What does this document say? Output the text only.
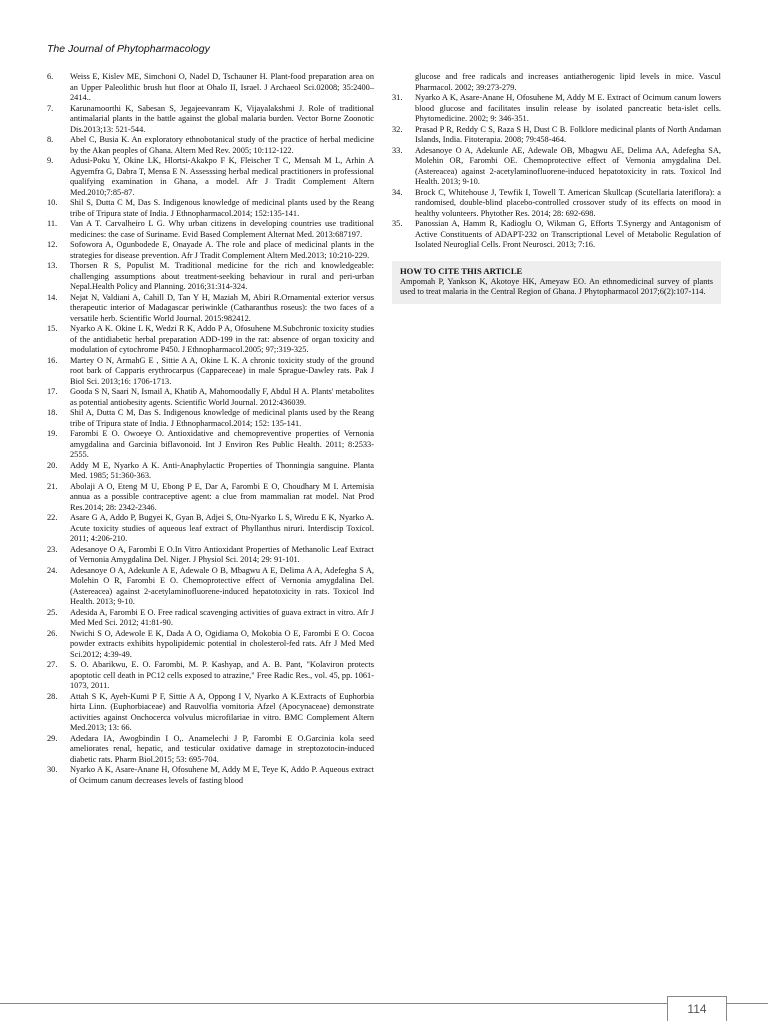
The Journal of Phytopharmacology
6.	Weiss E, Kislev ME, Simchoni O, Nadel D, Tschauner H. Plant-food preparation area on an Upper Paleolithic brush hut floor at Ohalo II, Israel. J Archaeol Sci.02008; 35:2400–2414..
7.	Karunamoorthi K, Sabesan S, Jegajeevanram K, Vijayalakshmi J. Role of traditional antimalarial plants in the battle against the global malaria burden. Vector Borne Zoonotic Dis.2013;13: 521-544.
8.	Abel C, Busia K. An exploratory ethnobotanical study of the practice of herbal medicine by the Akan peoples of Ghana. Altern Med Rev. 2005; 10:112-122.
9.	Adusi-Poku Y, Okine LK, Hlortsi-Akakpo F K, Fleischer T C, Mensah M L, Arhin A Agyemfra G, Dabra T, Mensa E N. Assesssing herbal medical practitioners in professional qualifying examination in Ghana, a model. Afr J Tradit Complement Altern Med.2010;7:85-87.
10.	Shil S, Dutta C M, Das S. Indigenous knowledge of medicinal plants used by the Reang tribe of Tripura state of India. J Ethnopharmacol.2014; 152:135-141.
11.	Van A T. Carvalheiro L G. Why urban citizens in developing countries use traditional medicines: the case of Suriname. Evid Based Complement Alternat Med. 2013:687197.
12.	Sofowora A, Ogunbodede E, Onayade A. The role and place of medicinal plants in the strategies for disease prevention. Afr J Tradit Complement Altern Med.2013; 10:210-229.
13.	Thorsen R S, Populist M. Traditional medicine for the rich and knowledgeable: challenging assumptions about treatment-seeking behaviour in rural and peri-urban Nepal.Health Policy and Planning. 2016;31:314-324.
14.	Nejat N, Valdiani A, Cahill D, Tan Y H, Maziah M, Abiri R.Ornamental exterior versus therapeutic interior of Madagascar periwinkle (Catharanthus roseus): the two faces of a versatile herb. Scientific World Journal. 2015:982412.
15.	Nyarko A K. Okine L K, Wedzi R K, Addo P A, Ofosuhene M.Subchronic toxicity studies of the antidiabetic herbal preparation ADD-199 in the rat: absence of organ toxicity and modulation of cytochrome P450. J Ethnopharmacol.2005; 97;:319-325.
16.	Martey O N, ArmahG E , Sittie A A, Okine L K. A chronic toxicity study of the ground root bark of Capparis erythrocarpus (Cappareceae) in male Sprague-Dawley rats. Pak J Biol Sci. 2013;16: 1706-1713.
17.	Gooda S N, Saari N, Ismail A, Khatib A, Mahomoodally F, Abdul H A. Plants' metabolites as potential antiobesity agents. Scientific World Journal. 2012:436039.
18.	Shil A, Dutta C M, Das S. Indigenous knowledge of medicinal plants used by the Reang tribe of Tripura state of India. J Ethnopharmacol.2014; 152: 135-141.
19.	Farombi E O. Owoeye O. Antioxidative and chemopreventive properties of Vernonia amygdalina and Garcinia biflavonoid. Int J Environ Res Public Health. 2011; 8:2533-2555.
20.	Addy M E, Nyarko A K. Anti-Anaphylactic Properties of Thonningia sanguine. Planta Med. 1985; 51:360-363.
21.	Abolaji A O, Eteng M U, Ebong P E, Dar A, Farombi E O, Choudhary M I. Artemisia annua as a possible contraceptive agent: a clue from mammalian rat model. Nat Prod Res.2014; 28: 2342-2346.
22.	Asare G A, Addo P, Bugyei K, Gyan B, Adjei S, Otu-Nyarko L S, Wiredu E K, Nyarko A. Acute toxicity studies of aqueous leaf extract of Phyllanthus niruri. Interdiscip Toxicol. 2011; 4:206-210.
23.	Adesanoye O A, Farombi E O.In Vitro Antioxidant Properties of Methanolic Leaf Extract of Vernonia Amygdalina Del. Niger. J Physiol Sci. 2014; 29: 91-101.
24.	Adesanoye O A, Adekunle A E, Adewale O B, Mbagwu A E, Delima A A, Adefegha S A, Molehin O R, Farombi E O. Chemoprotective effect of Vernonia amygdalina Del. (Astereacea) against 2-acetylaminofluorene-induced hepatotoxicity in rats. Toxicol Ind Health. 2013; 9-10.
25.	Adesida A, Farombi E O. Free radical scavenging activities of guava extract in vitro. Afr J Med Med Sci. 2012; 41:81-90.
26.	Nwichi S O, Adewole E K, Dada A O, Ogidiama O, Mokobia O E, Farombi E O. Cocoa powder extracts exhibits hypolipidemic potential in cholesterol-fed rats. Afr J Med Med Sci.2012; 4:39-49.
27.	S. O. Abarikwu, E. O. Farombi, M. P. Kashyap, and A. B. Pant, "Kolaviron protects apoptotic cell death in PC12 cells exposed to atrazine," Free Radic Res., vol. 45, pp. 1061-1073, 2011.
28.	Attah S K, Ayeh-Kumi P F, Sittie A A, Oppong I V, Nyarko A K.Extracts of Euphorbia hirta Linn. (Euphorbiaceae) and Rauvolfia vomitoria Afzel (Apocynaceae) demonstrate activities against Onchocerca volvulus microfilariae in vitro. BMC Complement Altern Med.2013; 13: 66.
29.	Adedara IA, Awogbindin I O,. Anamelechi J P, Farombi E O.Garcinia kola seed ameliorates renal, hepatic, and testicular oxidative damage in streptozotocin-induced diabetic rats. Pharm Biol.2015; 53: 695-704.
30.	Nyarko A K, Asare-Anane H, Ofosuhene M, Addy M E, Teye K, Addo P. Aqueous extract of Ocimum canum decreases levels of fasting blood
glucose and free radicals and increases antiatherogenic lipid levels in mice. Vascul Pharmacol. 2002; 39:273-279.
31.	Nyarko A K, Asare-Anane H, Ofosuhene M, Addy M E. Extract of Ocimum canum lowers blood glucose and facilitates insulin release by isolated pancreatic beta-islet cells. Phytomedicine. 2002; 9: 346-351.
32.	Prasad P R, Reddy C S, Raza S H, Dust C B. Folklore medicinal plants of North Andaman Islands, India. Fitoterapia. 2008; 79:458-464.
33.	Adesanoye O A, Adekunle AE, Adewale OB, Mbagwu AE, Delima AA, Adefegha SA, Molehin OR, Farombi OE. Chemoprotective effect of Vernonia amygdalina Del. (Astereacea) against 2-acetylaminofluorene-induced hepatotoxicity in rats. Toxicol Ind Health. 2013; 9-10.
34.	Brock C, Whitehouse J, Tewfik I, Towell T. American Skullcap (Scutellaria lateriflora): a randomised, double-blind placebo-controlled crossover study of its effects on mood in healthy volunteers. Phytother Res. 2014; 28: 692-698.
35.	Panossian A, Hamm R, Kadioglu O, Wikman G, Efforts T.Synergy and Antagonism of Active Constituents of ADAPT-232 on Transcriptional Level of Metabolic Regulation of Isolated Neuroglial Cells. Front Neurosci. 2013; 7:16.
HOW TO CITE THIS ARTICLE
Ampomah P, Yankson K, Akotoye HK, Ameyaw EO. An ethnomedicinal survey of plants used to treat malaria in the Central Region of Ghana. J Phytopharmacol 2017;6(2):107-114.
114
